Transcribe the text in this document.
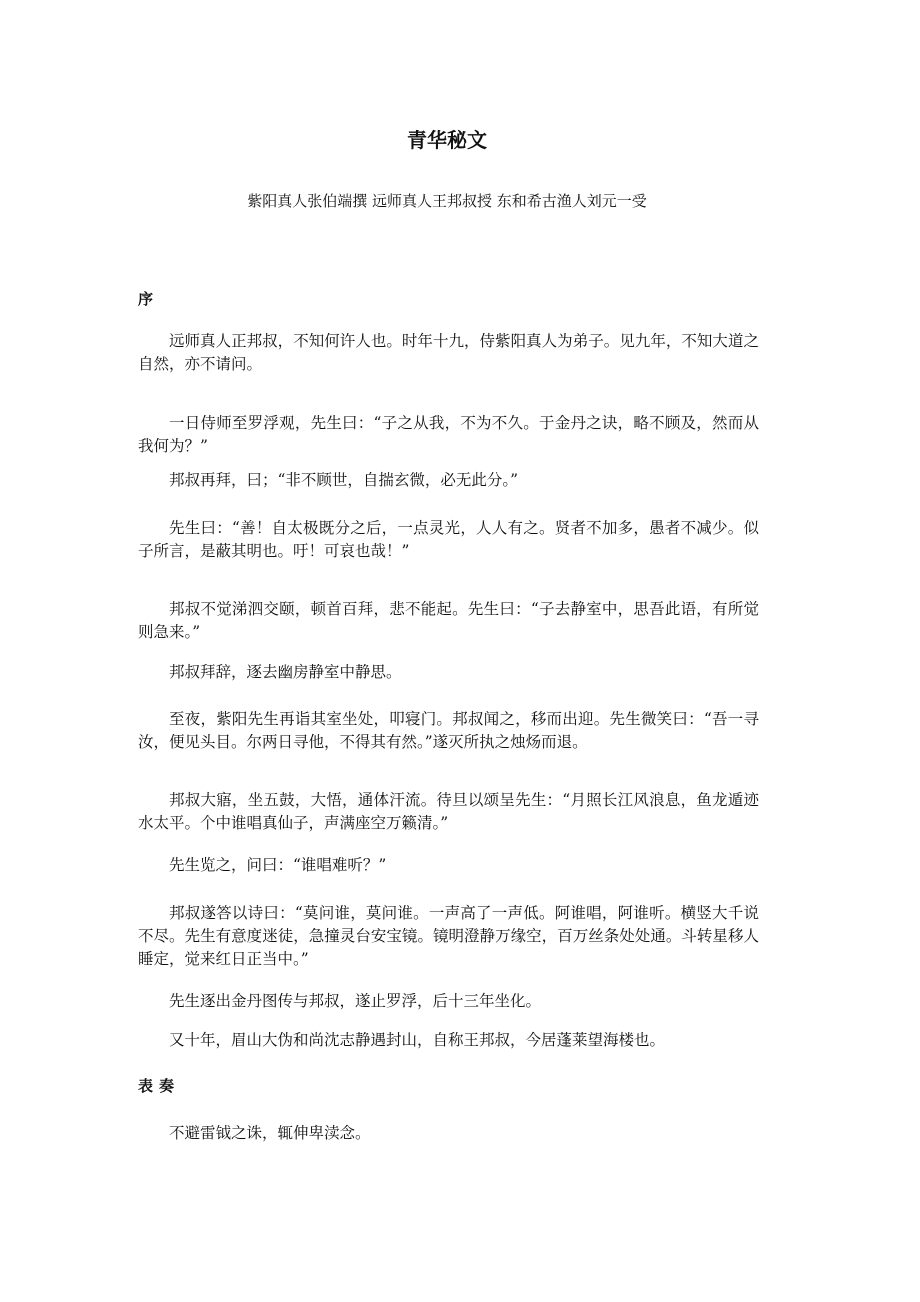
青华秘文
紫阳真人张伯端撰 远师真人王邦叔授 东和希古渔人刘元一受
序

远师真人正邦叔，不知何许人也。时年十九，侍紫阳真人为弟子。见九年，不知大道之自然，亦不请问。

一日侍师至罗浮观，先生曰：“子之从我，不为不久。于金丹之诀，略不顾及，然而从我何为？”

邦叔再拜，曰；“非不顾世，自揣玄微，必无此分。”

先生曰：“善！自太极既分之后，一点灵光，人人有之。贤者不加多，愚者不减少。似子所言，是蔽其明也。吁！可哀也哉！”

邦叔不觉涕泗交颐，顿首百拜，悲不能起。先生曰：“子去静室中，思吾此语，有所觉则急来。”

邦叔拜辞，逐去幽房静室中静思。

至夜，紫阳先生再诣其室坐处，叩寝门。邦叔闻之，移而出迎。先生微笑曰：“吾一寻汝，便见头目。尔两日寻他，不得其有然。”遂灭所执之烛炀而退。

邦叔大寤，坐五鼓，大悟，通体汗流。待旦以颂呈先生：“月照长江风浪息，鱼龙遁迹水太平。个中谁唱真仙子，声满座空万籁清。”

先生览之，问曰：“谁唱难听？”

邦叔遂答以诗曰：“莫问谁，莫问谁。一声高了一声低。阿谁唱，阿谁听。横竖大千说不尽。先生有意度迷徒，急撞灵台安宝镜。镜明澄静万缘空，百万丝条处处通。斗转星移人睡定，觉来红日正当中。”

先生逐出金丹图传与邦叔，遂止罗浮，后十三年坐化。

又十年，眉山大伪和尚沈志静遇封山，自称王邦叔，今居蓬莱望海楼也。

表奏

不避雷钺之诛，辄伸卑渎念。
